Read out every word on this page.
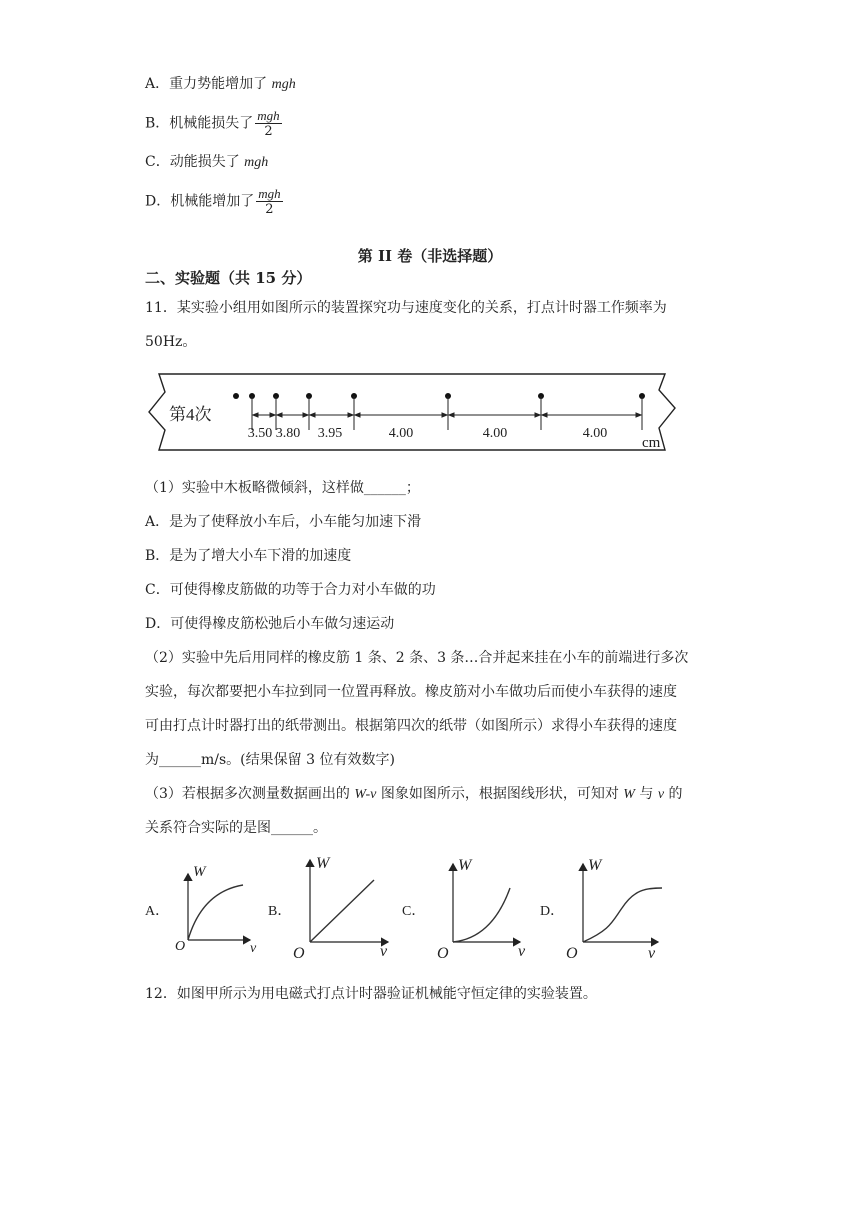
A．重力势能增加了 mgh
B．机械能损失了 $\frac{\text{mgh}}{2}$
C．动能损失了 mgh
D．机械能增加了 $\frac{\text{mgh}}{2}$
第 II 卷（非选择题）
二、实验题（共 15 分）
11．某实验小组用如图所示的装置探究功与速度变化的关系，打点计时器工作频率为
50Hz。
第4次
3.50 3.80 3.95	4.00	4.00	4.00
cm
（1）实验中木板略微倾斜，这样做______；
A．是为了使释放小车后，小车能匀加速下滑
B．是为了增大小车下滑的加速度
C．可使得橡皮筋做的功等于合力对小车做的功
D．可使得橡皮筋松弛后小车做匀速运动
（2）实验中先后用同样的橡皮筋 1 条、2 条、3 条…合并起来挂在小车的前端进行多次
实验，每次都要把小车拉到同一位置再释放。橡皮筋对小车做功后而使小车获得的速度
可由打点计时器打出的纸带测出。根据第四次的纸带（如图所示）求得小车获得的速度
为______m/s。(结果保留 3 位有效数字)
（3）若根据多次测量数据画出的 W-v 图象如图所示，根据图线形状，可知对 W 与 v 的
关系符合实际的是图______。
A．
W
v
O
B．
W
v
O
C．
W
v
O
D．
W
v
O
12．如图甲所示为用电磁式打点计时器验证机械能守恒定律的实验装置。
